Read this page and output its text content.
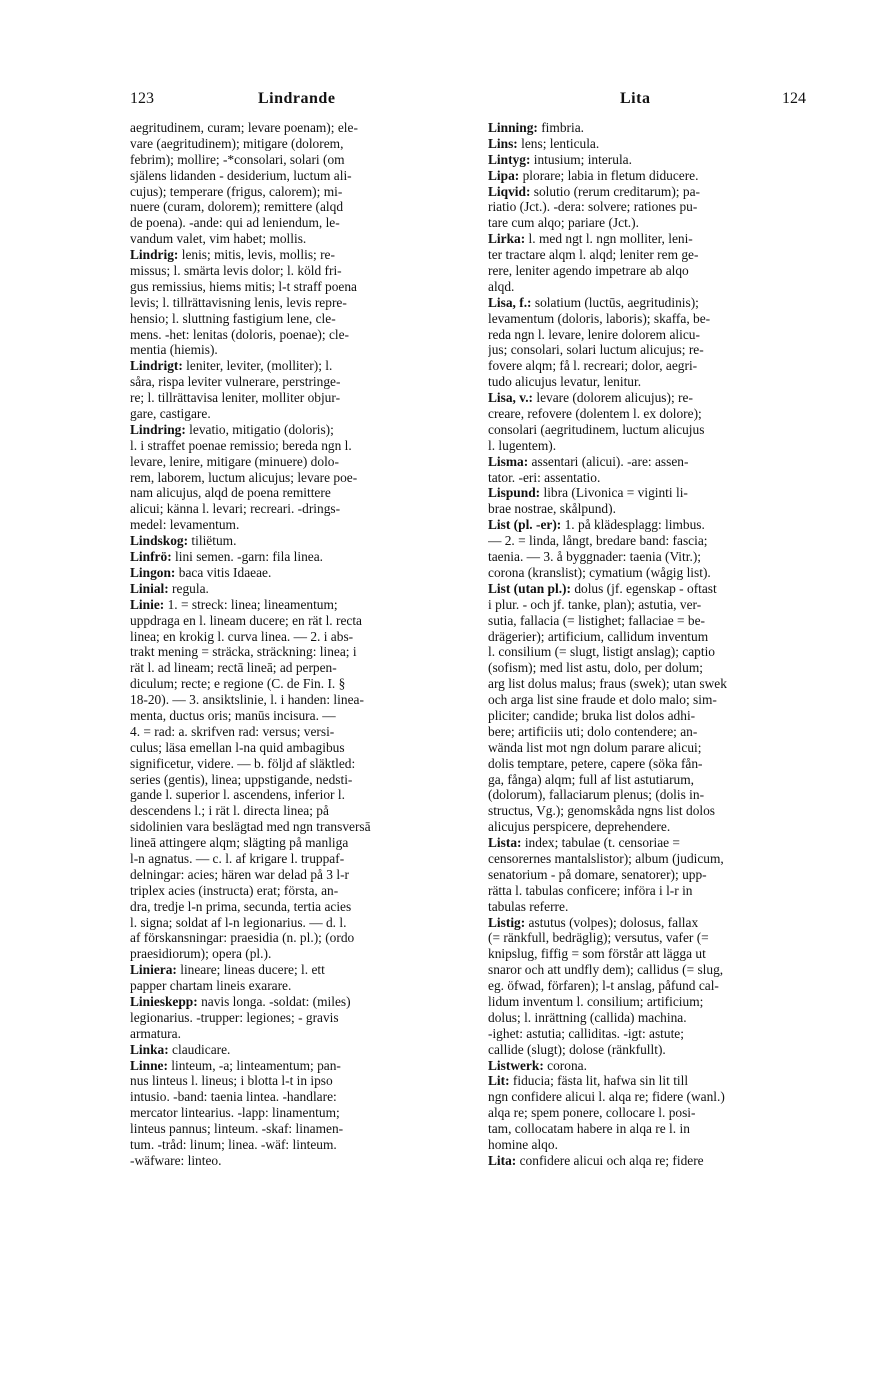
123	Lindrande	Lita	124
aegritudinem, curam; levare poenam); ele-
vare (aegritudinem); mitigare (dolorem,
febrim); mollire; -*consolari, solari (om
själens lidanden - desiderium, luctum ali-
cujus); temperare (frigus, calorem); mi-
nuere (curam, dolorem); remittere (alqd
de poena). -ande: qui ad leniendum, le-
vandum valet, vim habet; mollis.
Lindrig: lenis; mitis, levis, mollis; re-
missus; l. smärta levis dolor; l. köld fri-
gus remissius, hiems mitis; l-t straff poena
levis; l. tillrättavisning lenis, levis repre-
hensio; l. sluttning fastigium lene, cle-
mens. -het: lenitas (doloris, poenae); cle-
mentia (hiemis).
Lindrigt: leniter, leviter, (molliter); l.
såra, rispa leviter vulnerare, perstringe-
re; l. tillrättavisa leniter, molliter objur-
gare, castigare.
Lindring: levatio, mitigatio (doloris);
l. i straffet poenae remissio; bereda ngn l.
levare, lenire, mitigare (minuere) dolo-
rem, laborem, luctum alicujus; levare poe-
nam alicujus, alqd de poena remittere
alicui; känna l. levari; recreari. -drings-
medel: levamentum.
Lindskog: tiliëtum.
Linfrö: lini semen. -garn: fila linea.
Lingon: baca vitis Idaeae.
Linial: regula.
Linie: 1. = streck: linea; lineamentum;
uppdraga en l. lineam ducere; en rät l. recta
linea; en krokig l. curva linea. — 2. i abs-
trakt mening = sträcka, sträckning: linea; i
rät l. ad lineam; rectā lineā; ad perpen-
diculum; recte; e regione (C. de Fin. I. §
18-20). — 3. ansiktslinie, l. i handen: linea-
menta, ductus oris; manūs incisura. —
4. = rad: a. skrifven rad: versus; versi-
culus; läsa emellan l-na quid ambagibus
significetur, videre. — b. följd af släktled:
series (gentis), linea; uppstigande, nedsti-
gande l. superior l. ascendens, inferior l.
descendens l.; i rät l. directa linea; på
sidolinien vara beslägtad med ngn transversā
lineā attingere alqm; slägting på manliga
l-n agnatus. — c. l. af krigare l. truppaf-
delningar: acies; hären war delad på 3 l-r
triplex acies (instructa) erat; första, an-
dra, tredje l-n prima, secunda, tertia acies
l. signa; soldat af l-n legionarius. — d. l.
af förskansningar: praesidia (n. pl.); (ordo
praesidiorum); opera (pl.).
Liniera: lineare; lineas ducere; l. ett
papper chartam lineis exarare.
Linieskepp: navis longa. -soldat: (miles)
legionarius. -trupper: legiones; - gravis
armatura.
Linka: claudicare.
Linne: linteum, -a; linteamentum; pan-
nus linteus l. lineus; i blotta l-t in ipso
intusio. -band: taenia lintea. -handlare:
mercator lintearius. -lapp: linamentum;
linteus pannus; linteum. -skaf: linamen-
tum. -tråd: linum; linea. -wäf: linteum.
-wäfware: linteo.
Linning: fimbria.
Lins: lens; lenticula.
Lintyg: intusium; interula.
Lipa: plorare; labia in fletum diducere.
Liqvid: solutio (rerum creditarum); pa-
riatio (Jct.). -dera: solvere; rationes pu-
tare cum alqo; pariare (Jct.).
Lirka: l. med ngt l. ngn molliter, leni-
ter tractare alqm l. alqd; leniter rem ge-
rere, leniter agendo impetrare ab alqo
alqd.
Lisa, f.: solatium (luctūs, aegritudinis);
levamentum (doloris, laboris); skaffa, be-
reda ngn l. levare, lenire dolorem alicu-
jus; consolari, solari luctum alicujus; re-
fovere alqm; få l. recreari; dolor, aegri-
tudo alicujus levatur, lenitur.
Lisa, v.: levare (dolorem alicujus); re-
creare, refovere (dolentem l. ex dolore);
consolari (aegritudinem, luctum alicujus
l. lugentem).
Lisma: assentari (alicui). -are: assen-
tator. -eri: assentatio.
Lispund: libra (Livonica = viginti li-
brae nostrae, skålpund).
List (pl. -er): 1. på klädesplagg: limbus.
— 2. = linda, långt, bredare band: fascia;
taenia. — 3. å byggnader: taenia (Vitr.);
corona (kranslist); cymatium (wågig list).
List (utan pl.): dolus (jf. egenskap - oftast
i plur. - och jf. tanke, plan); astutia, ver-
sutia, fallacia (= listighet; fallaciae = be-
drägerier); artificium, callidum inventum
l. consilium (= slugt, listigt anslag); captio
(sofism); med list astu, dolo, per dolum;
arg list dolus malus; fraus (swek); utan swek
och arga list sine fraude et dolo malo; sim-
pliciter; candide; bruka list dolos adhi-
bere; artificiis uti; dolo contendere; an-
wända list mot ngn dolum parare alicui;
dolis temptare, petere, capere (söka fån-
ga, fånga) alqm; full af list astutiarum,
(dolorum), fallaciarum plenus; (dolis in-
structus, Vg.); genomskåda ngns list dolos
alicujus perspicere, deprehendere.
Lista: index; tabulae (t. censoriae =
censorernes mantalslistor); album (judicum,
senatorium - på domare, senatorer); upp-
rätta l. tabulas conficere; införa i l-r in
tabulas referre.
Listig: astutus (volpes); dolosus, fallax
(= ränkfull, bedräglig); versutus, vafer (=
knipslug, fiffig = som förstår att lägga ut
snaror och att undfly dem); callidus (= slug,
eg. öfwad, förfaren); l-t anslag, påfund cal-
lidum inventum l. consilium; artificium;
dolus; l. inrättning (callida) machina.
-ighet: astutia; calliditas. -igt: astute;
callide (slugt); dolose (ränkfullt).
Listwerk: corona.
Lit: fiducia; fästa lit, hafwa sin lit till
ngn confidere alicui l. alqa re; fidere (wanl.)
alqa re; spem ponere, collocare l. posi-
tam, collocatam habere in alqa re l. in
homine alqo.
Lita: confidere alicui och alqa re; fidere
